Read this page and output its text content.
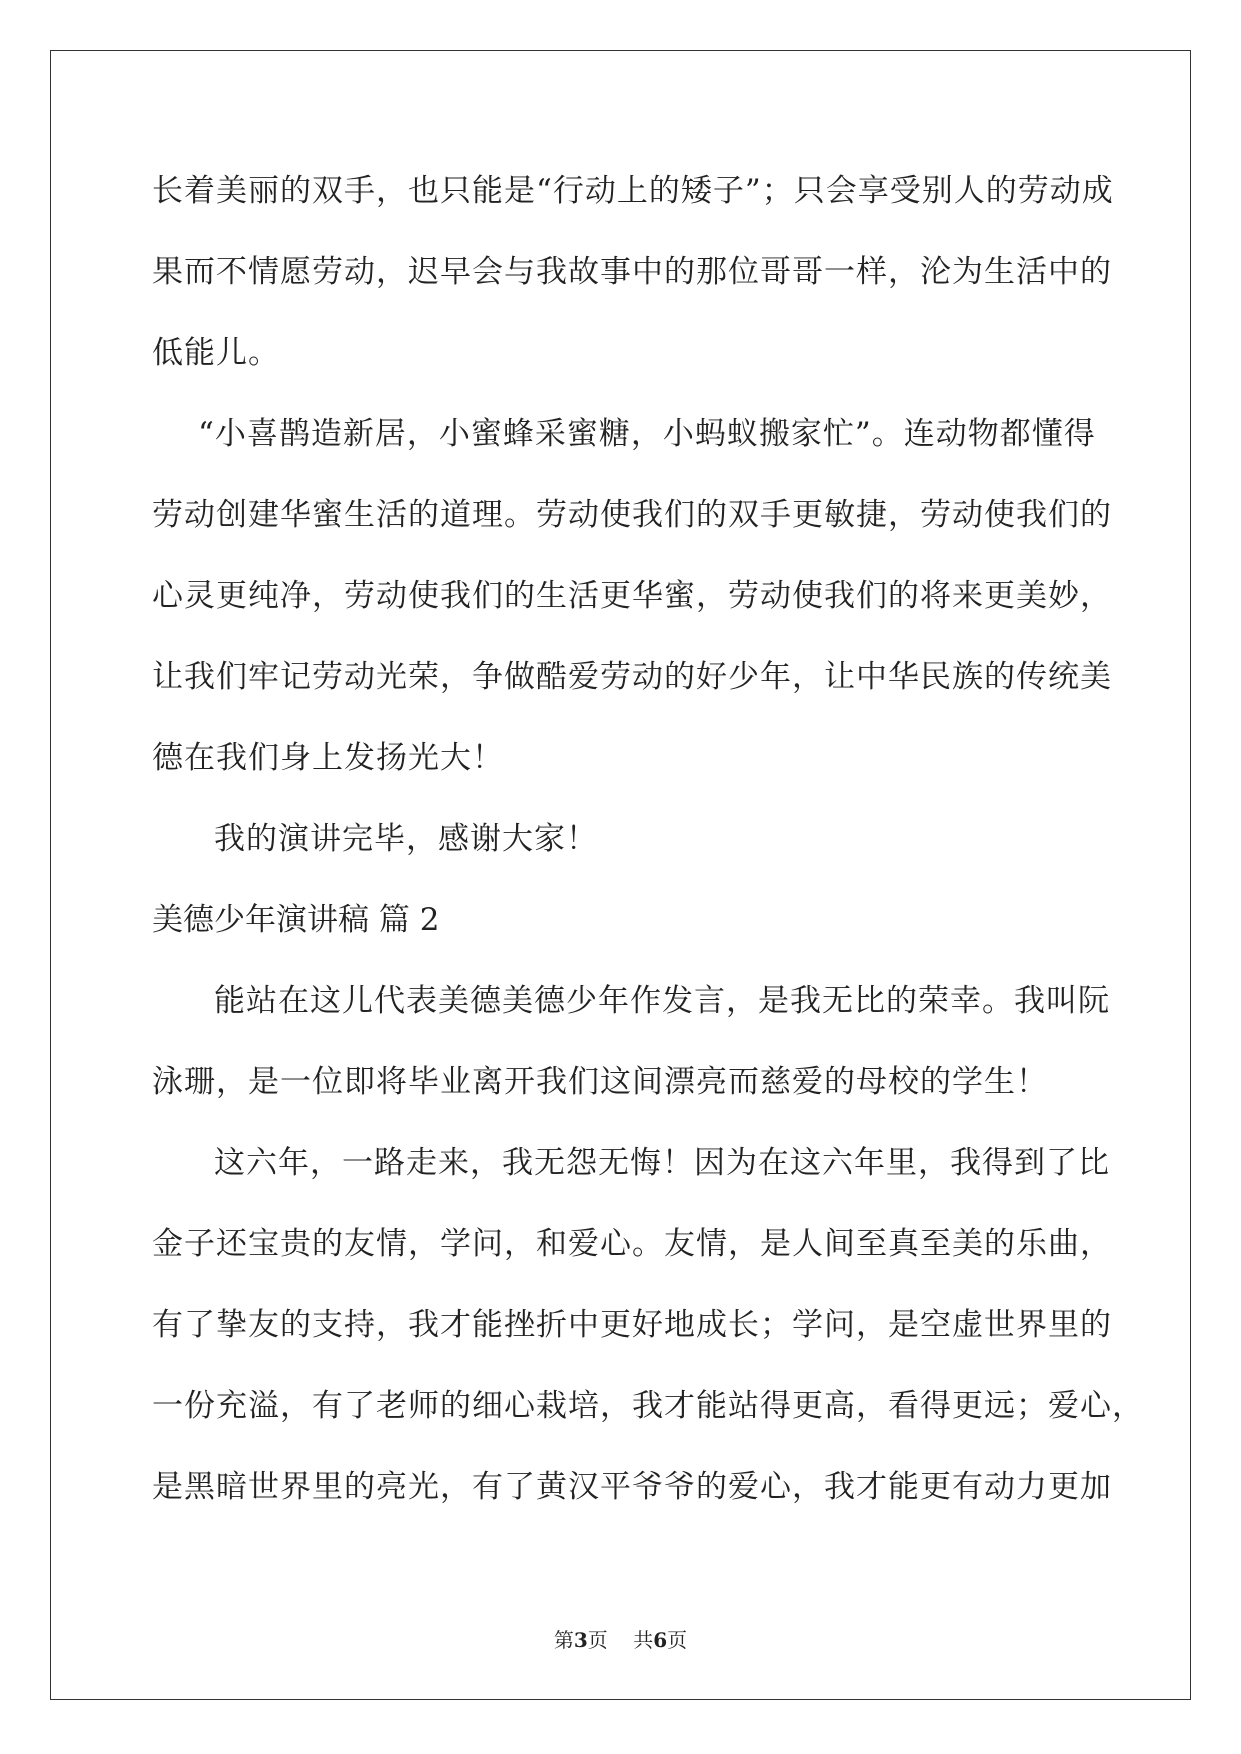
长着美丽的双手，也只能是“行动上的矮子”；只会享受别人的劳动成
果而不情愿劳动，迟早会与我故事中的那位哥哥一样，沦为生活中的
低能儿。
“小喜鹊造新居，小蜜蜂采蜜糖，小蚂蚁搬家忙”。连动物都懂得
劳动创建华蜜生活的道理。劳动使我们的双手更敏捷，劳动使我们的
心灵更纯净，劳动使我们的生活更华蜜，劳动使我们的将来更美妙，
让我们牢记劳动光荣，争做酷爱劳动的好少年，让中华民族的传统美
德在我们身上发扬光大！
我的演讲完毕，感谢大家！
美德少年演讲稿 篇 2
能站在这儿代表美德美德少年作发言，是我无比的荣幸。我叫阮
泳珊，是一位即将毕业离开我们这间漂亮而慈爱的母校的学生！
这六年，一路走来，我无怨无悔！因为在这六年里，我得到了比
金子还宝贵的友情，学问，和爱心。友情，是人间至真至美的乐曲，
有了挚友的支持，我才能挫折中更好地成长；学问，是空虚世界里的
一份充溢，有了老师的细心栽培，我才能站得更高，看得更远；爱心，
是黑暗世界里的亮光，有了黄汉平爷爷的爱心，我才能更有动力更加
第3页 共6页
